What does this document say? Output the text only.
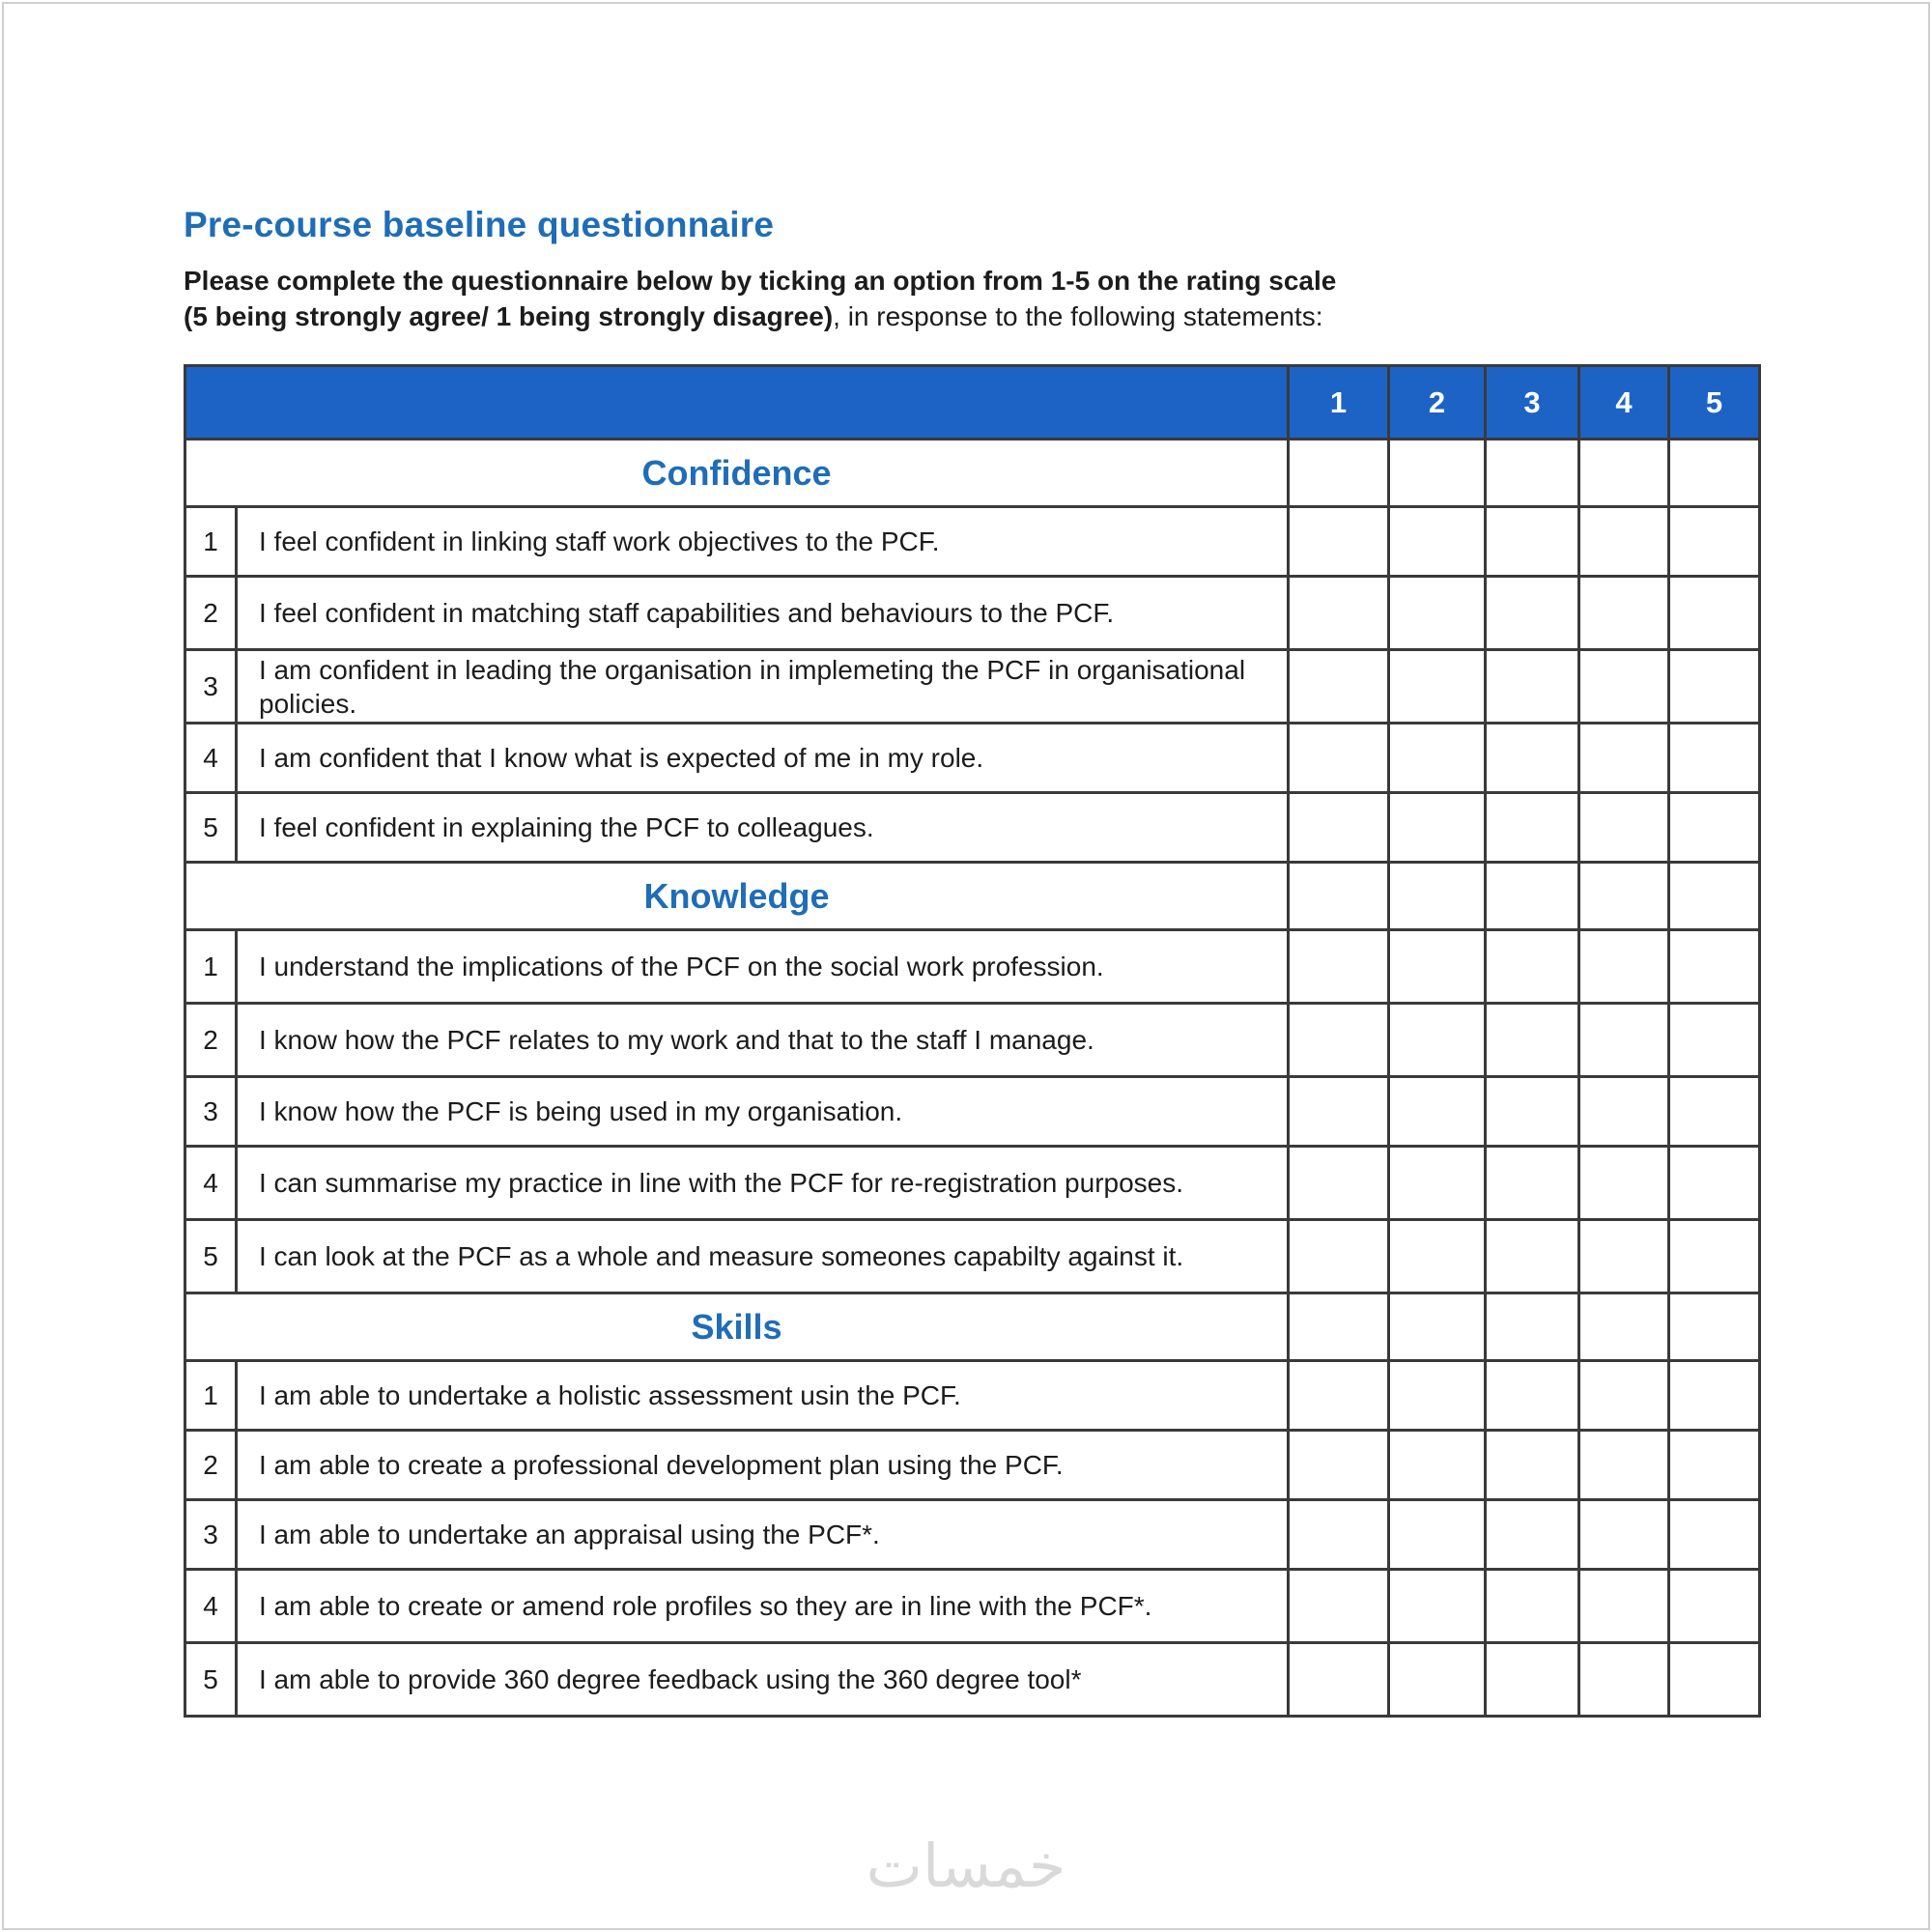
Pre-course baseline questionnaire
Please complete the questionnaire below by ticking an option from 1-5 on the rating scale
(5 being strongly agree/ 1 being strongly disagree), in response to the following statements:
		1	2	3	4	5
Confidence						
1	I feel confident in linking staff work objectives to the PCF.					
2	I feel confident in matching staff capabilities and behaviours to the PCF.					
3	I am confident in leading the organisation in implemeting the PCF in organisational policies.					
4	I am confident that I know what is expected of me in my role.					
5	I feel confident in explaining the PCF to colleagues.					
Knowledge						
1	I understand the implications of the PCF on the social work profession.					
2	I know how the PCF relates to my work and that to the staff I manage.					
3	I know how the PCF is being used in my organisation.					
4	I can summarise my practice in line with the PCF for re-registration purposes.					
5	I can look at the PCF as a whole and measure someones capabilty against it.					
Skills						
1	I am able to undertake a holistic assessment usin the PCF.					
2	I am able to create a professional development plan using the PCF.					
3	I am able to undertake an appraisal using the PCF*.					
4	I am able to create or amend role profiles so they are in line with the PCF*.					
5	I am able to provide 360 degree feedback using the 360 degree tool*					
خمسات
